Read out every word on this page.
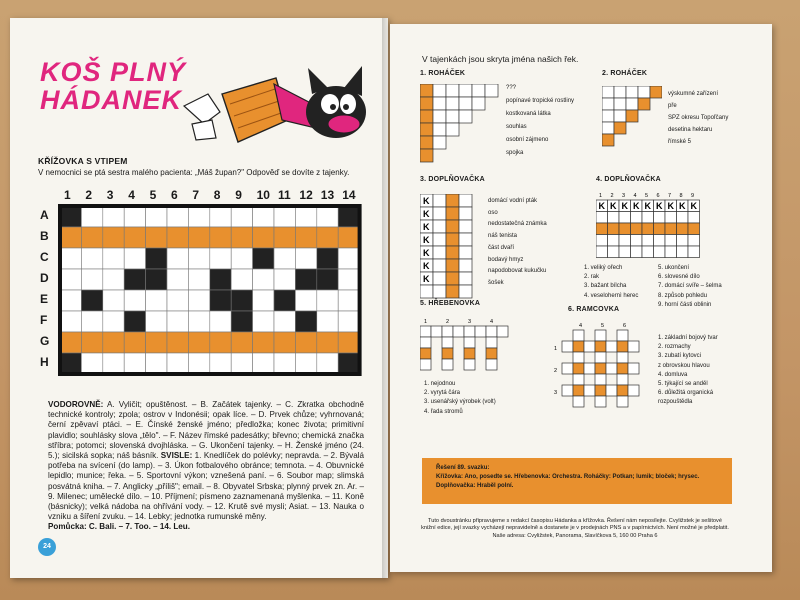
KOŠ PLNÝ
HÁDANEK
KŘÍŽOVKA S VTIPEM
V nemocnici se ptá sestra malého pacienta: „Máš župan?" Odpověď se dovíte z tajenky.
1 2 3 4 5 6 7 8 9 10 11 12 13 14
A
B
C
D
E
F
G
H
VODOROVNĚ: A. Vyličit; opuštěnost. – B. Začátek tajenky. – C. Zkratka obchodně technické kontroly; zpola; ostrov v Indonésii; opak líce. – D. Prvek chůze; vyhrnovaná; černí zpěvaví ptáci. – E. Čínské ženské jméno; předložka; konec života; primitivní plavidlo; souhlásky slova „tělo". – F. Název římské padesátky; břevno; chemická značka stříbra; potomci; slovenská dvojhláska. – G. Ukončení tajenky. – H. Ženské jméno (24. 5.); sicilská sopka; náš básník. SVISLE: 1. Knedlíček do polévky; nepravda. – 2. Bývalá potřeba na svícení (do lamp). – 3. Úkon fotbalového obránce; temnota. – 4. Obuvnické lepidlo; munice; řeka. – 5. Sportovní výkon; vznešená paní. – 6. Soubor map; slimská posvátná kniha. – 7. Anglicky „příliš"; email. – 8. Obyvatel Srbska; plynný prvek zn. Ar. – 9. Milenec; umělecké dílo. – 10. Příjmení; písmeno zaznamenaná myšlenka. – 11. Koně (básnicky); velká nádoba na ohřívání vody. – 12. Krutě své mysli; Asiat. – 13. Nauka o vzniku a šíření zvuku. – 14. Lebky; jednotka rumunské měny.
Pomůcka: C. Bali. – 7. Too. – 14. Leu.
24
V tajenkách jsou skryta jména našich řek.
1. ROHÁČEK
???
popínavé tropické rostliny
kostkovaná látka
souhlas
osobní zájmeno
spojka
2. ROHÁČEK
výskumné zařízení
pře
SPZ okresu Topoľčany
desetina hektaru
římské 5
3. DOPLŇOVAČKA
K
K
K
K
K
K
K
domácí vodní pták
oso
nedostatečná známka
náš tenista
část dvaří
bodavý hmyz
napodobovat kukučku
šošek
4. DOPLŇOVAČKA
1 2 3 4 5 6 7 8 9
K K K K K K K K K
1. veliký ořech
2. rak
3. bažant bílcha
4. veselohernì herec
5. ukončení
6. slovesné dílo
7. domácí svíře – šelma
8. způsob pohledu
9. horní části oblinin
5. HŘEBENOVKA
1	2	3	4
1. nejodnou
2. vyrytá čára
3. usenářský výrobek (volt)
4. řada stromů
6. RAMCOVKA
4	5	6
1
2
3
1. základní bojový tvar
2. rozmachy
3. zubatí kytovci
z obrovskou hlavou
4. domluva
5. týkající se anděl
6. důležitá organická
rozpouštědla
Řešení 89. svazku:
Křížovka: Ano, posedte se. Hřebenovka: Orchestra. Roháčky: Potkan; lumik; bloček; hrysec. Doplňovačka: Hraběl polní.
Tuto dvoustránku připravujeme s redakcí časopisu Hádanka a křížovka. Řešení nám neposílejte. Cvyližstek je sešitové knižní edice, její svazky vycházejí nepravidelně a dostanete je v prodejnách PNS a v papírnictvích. Není možné je předplatit. Naše adresa: Cvyližstek, Panorama, Slavíčkova 5, 160 00 Praha 6
